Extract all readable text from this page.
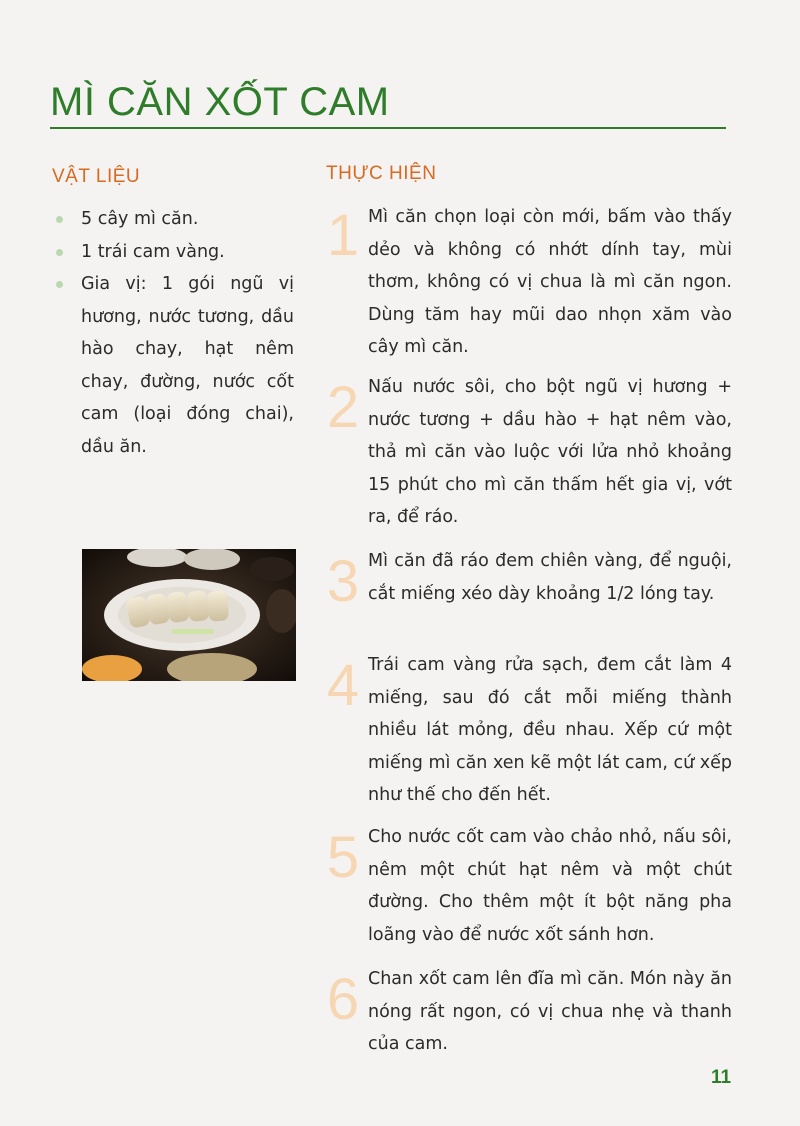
MÌ CĂN XỐT CAM
VẬT LIỆU	THỰC HIỆN
5 cây mì căn.
1 trái cam vàng.
Gia vị: 1 gói ngũ vị hương, nước tương, dầu hào chay, hạt nêm chay, đường, nước cốt cam (loại đóng chai), dầu ăn.
1 Mì căn chọn loại còn mới, bấm vào thấy dẻo và không có nhớt dính tay, mùi thơm, không có vị chua là mì căn ngon. Dùng tăm hay mũi dao nhọn xăm vào cây mì căn.
2 Nấu nước sôi, cho bột ngũ vị hương + nước tương + dầu hào + hạt nêm vào, thả mì căn vào luộc với lửa nhỏ khoảng 15 phút cho mì căn thấm hết gia vị, vớt ra, để ráo.
3 Mì căn đã ráo đem chiên vàng, để nguội, cắt miếng xéo dày khoảng 1/2 lóng tay.
4 Trái cam vàng rửa sạch, đem cắt làm 4 miếng, sau đó cắt mỗi miếng thành nhiều lát mỏng, đều nhau. Xếp cứ một miếng mì căn xen kẽ một lát cam, cứ xếp như thế cho đến hết.
5 Cho nước cốt cam vào chảo nhỏ, nấu sôi, nêm một chút hạt nêm và một chút đường. Cho thêm một ít bột năng pha loãng vào để nước xốt sánh hơn.
6 Chan xốt cam lên đĩa mì căn. Món này ăn nóng rất ngon, có vị chua nhẹ và thanh của cam.
11
